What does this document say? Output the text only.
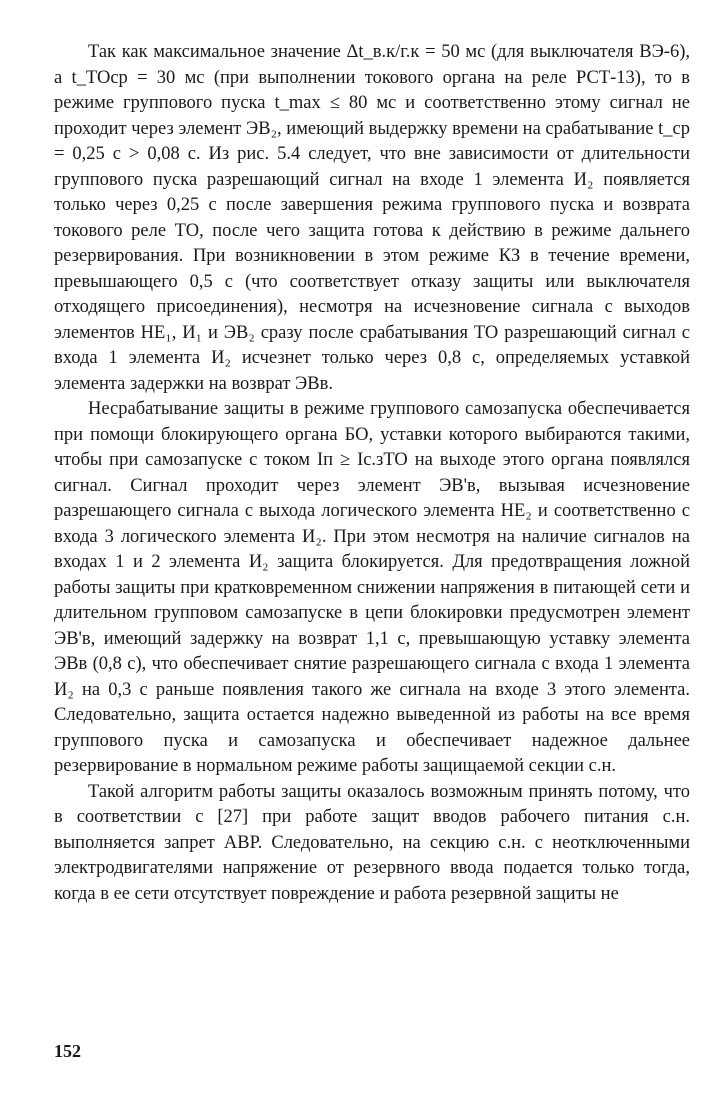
Так как максимальное значение Δt_в.к/г.к = 50 мс (для выключателя ВЭ-6), а t_ТОср = 30 мс (при выполнении токового органа на реле РСТ-13), то в режиме группового пуска t_max ≤ 80 мс и соответственно этому сигнал не проходит через элемент ЭВ₂, имеющий выдержку времени на срабатывание t_ср = 0,25 с > 0,08 с. Из рис. 5.4 следует, что вне зависимости от длительности группового пуска разрешающий сигнал на входе 1 элемента И₂ появляется только через 0,25 с после завершения режима группового пуска и возврата токового реле ТО, после чего защита готова к действию в режиме дальнего резервирования. При возникновении в этом режиме КЗ в течение времени, превышающего 0,5 с (что соответствует отказу защиты или выключателя отходящего присоединения), несмотря на исчезновение сигнала с выходов элементов НЕ₁, И₁ и ЭВ₂ сразу после срабатывания ТО разрешающий сигнал с входа 1 элемента И₂ исчезнет только через 0,8 с, определяемых уставкой элемента задержки на возврат ЭВв.

Несрабатывание защиты в режиме группового самозапуска обеспечивается при помощи блокирующего органа БО, уставки которого выбираются такими, чтобы при самозапуске с током Iп ≥ Iс.зТО на выходе этого органа появлялся сигнал. Сигнал проходит через элемент ЭВ'в, вызывая исчезновение разрешающего сигнала с выхода логического элемента НЕ₂ и соответственно с входа 3 логического элемента И₂. При этом несмотря на наличие сигналов на входах 1 и 2 элемента И₂ защита блокируется. Для предотвращения ложной работы защиты при кратковременном снижении напряжения в питающей сети и длительном групповом самозапуске в цепи блокировки предусмотрен элемент ЭВ'в, имеющий задержку на возврат 1,1 с, превышающую уставку элемента ЭВв (0,8 с), что обеспечивает снятие разрешающего сигнала с входа 1 элемента И₂ на 0,3 с раньше появления такого же сигнала на входе 3 этого элемента. Следовательно, защита остается надежно выведенной из работы на все время группового пуска и самозапуска и обеспечивает надежное дальнее резервирование в нормальном режиме работы защищаемой секции с.н.

Такой алгоритм работы защиты оказалось возможным принять потому, что в соответствии с [27] при работе защит вводов рабочего питания с.н. выполняется запрет АВР. Следовательно, на секцию с.н. с неотключенными электродвигателями напряжение от резервного ввода подается только тогда, когда в ее сети отсутствует повреждение и работа резервной защиты не

152
